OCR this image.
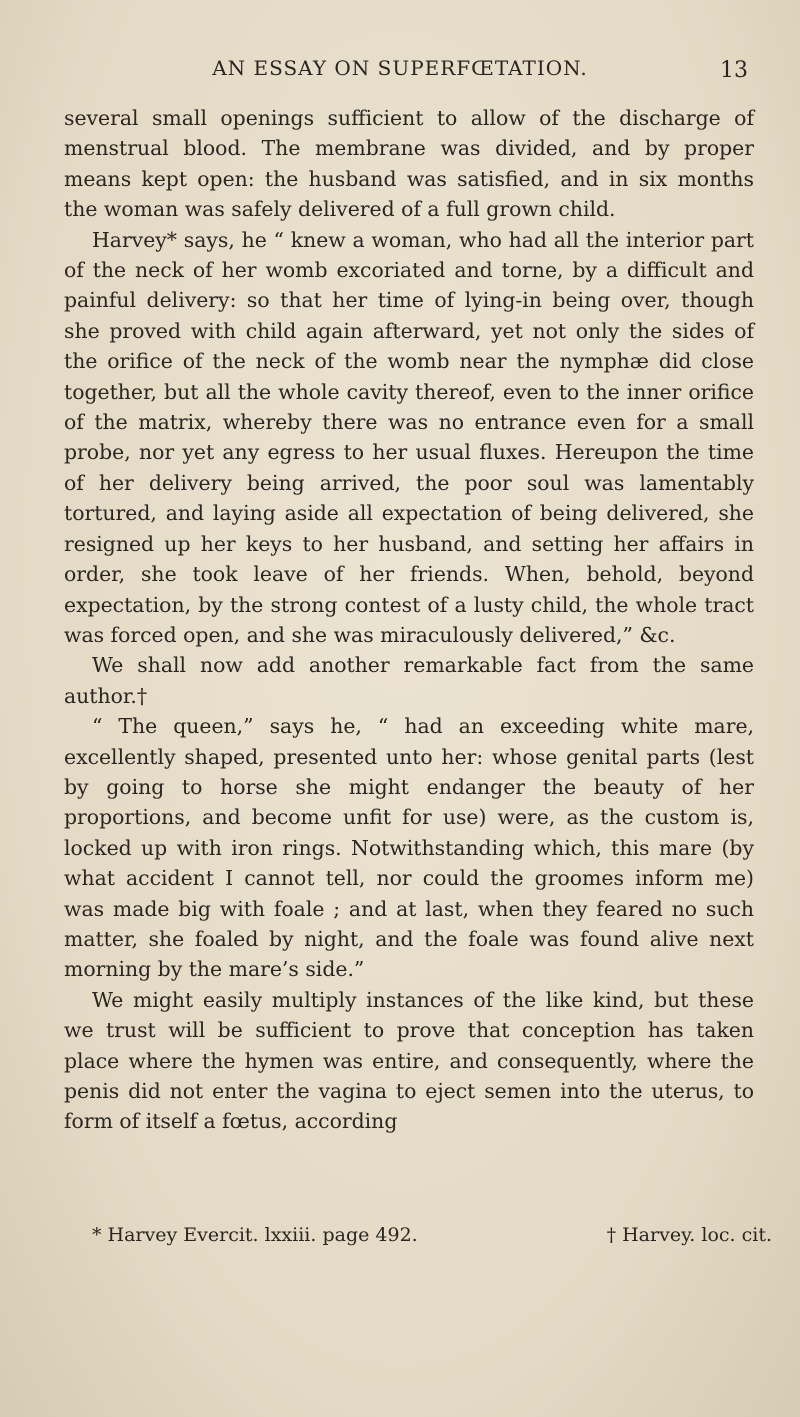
AN ESSAY ON SUPERFŒTATION.	13

several small openings sufficient to allow of the discharge of menstrual blood. The membrane was divided, and by proper means kept open: the husband was satisfied, and in six months the woman was safely delivered of a full grown child.

Harvey* says, he “ knew a woman, who had all the interior part of the neck of her womb excoriated and torne, by a difficult and painful delivery: so that her time of lying-in being over, though she proved with child again afterward, yet not only the sides of the orifice of the neck of the womb near the nymphæ did close together, but all the whole cavity thereof, even to the inner orifice of the matrix, whereby there was no entrance even for a small probe, nor yet any egress to her usual fluxes. Hereupon the time of her delivery being arrived, the poor soul was lamentably tortured, and laying aside all expectation of being delivered, she resigned up her keys to her husband, and setting her affairs in order, she took leave of her friends. When, behold, beyond expectation, by the strong contest of a lusty child, the whole tract was forced open, and she was miraculously delivered,” &c.

We shall now add another remarkable fact from the same author.†

“ The queen,” says he, “ had an exceeding white mare, excellently shaped, presented unto her: whose genital parts (lest by going to horse she might endanger the beauty of her proportions, and become unfit for use) were, as the custom is, locked up with iron rings. Notwithstanding which, this mare (by what accident I cannot tell, nor could the groomes inform me) was made big with foale ; and at last, when they feared no such matter, she foaled by night, and the foale was found alive next morning by the mare’s side.”

We might easily multiply instances of the like kind, but these we trust will be sufficient to prove that conception has taken place where the hymen was entire, and consequently, where the penis did not enter the vagina to eject semen into the uterus, to form of itself a fœtus, according

* Harvey Evercit. lxxiii. page 492.	† Harvey. loc. cit.
